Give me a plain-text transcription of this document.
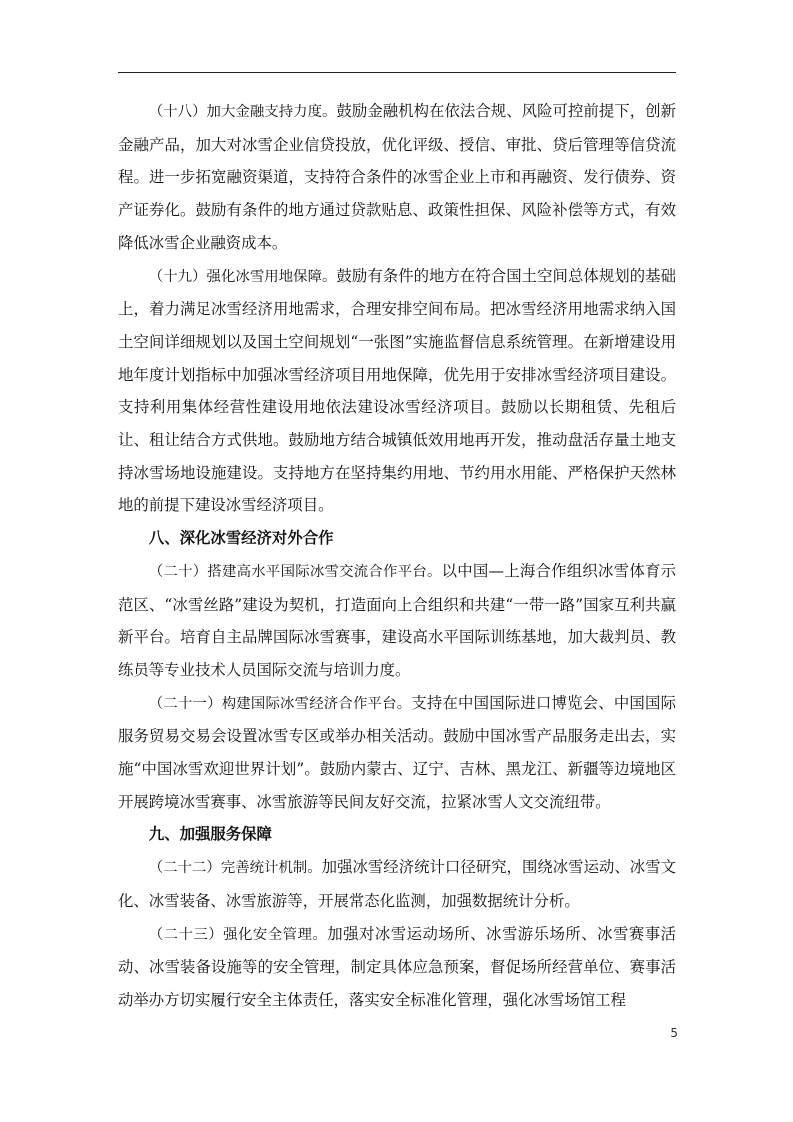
（十八）加大金融支持力度。鼓励金融机构在依法合规、风险可控前提下，创新金融产品，加大对冰雪企业信贷投放，优化评级、授信、审批、贷后管理等信贷流程。进一步拓宽融资渠道，支持符合条件的冰雪企业上市和再融资、发行债券、资产证券化。鼓励有条件的地方通过贷款贴息、政策性担保、风险补偿等方式，有效降低冰雪企业融资成本。

（十九）强化冰雪用地保障。鼓励有条件的地方在符合国土空间总体规划的基础上，着力满足冰雪经济用地需求，合理安排空间布局。把冰雪经济用地需求纳入国土空间详细规划以及国土空间规划“一张图”实施监督信息系统管理。在新增建设用地年度计划指标中加强冰雪经济项目用地保障，优先用于安排冰雪经济项目建设。支持利用集体经营性建设用地依法建设冰雪经济项目。鼓励以长期租赁、先租后让、租让结合方式供地。鼓励地方结合城镇低效用地再开发，推动盘活存量土地支持冰雪场地设施建设。支持地方在坚持集约用地、节约用水用能、严格保护天然林地的前提下建设冰雪经济项目。

八、深化冰雪经济对外合作

（二十）搭建高水平国际冰雪交流合作平台。以中国—上海合作组织冰雪体育示范区、“冰雪丝路”建设为契机，打造面向上合组织和共建“一带一路”国家互利共赢新平台。培育自主品牌国际冰雪赛事，建设高水平国际训练基地，加大裁判员、教练员等专业技术人员国际交流与培训力度。

（二十一）构建国际冰雪经济合作平台。支持在中国国际进口博览会、中国国际服务贸易交易会设置冰雪专区或举办相关活动。鼓励中国冰雪产品服务走出去，实施“中国冰雪欢迎世界计划”。鼓励内蒙古、辽宁、吉林、黑龙江、新疆等边境地区开展跨境冰雪赛事、冰雪旅游等民间友好交流，拉紧冰雪人文交流纽带。

九、加强服务保障

（二十二）完善统计机制。加强冰雪经济统计口径研究，围绕冰雪运动、冰雪文化、冰雪装备、冰雪旅游等，开展常态化监测，加强数据统计分析。

（二十三）强化安全管理。加强对冰雪运动场所、冰雪游乐场所、冰雪赛事活动、冰雪装备设施等的安全管理，制定具体应急预案，督促场所经营单位、赛事活动举办方切实履行安全主体责任，落实安全标准化管理，强化冰雪场馆工程

5
